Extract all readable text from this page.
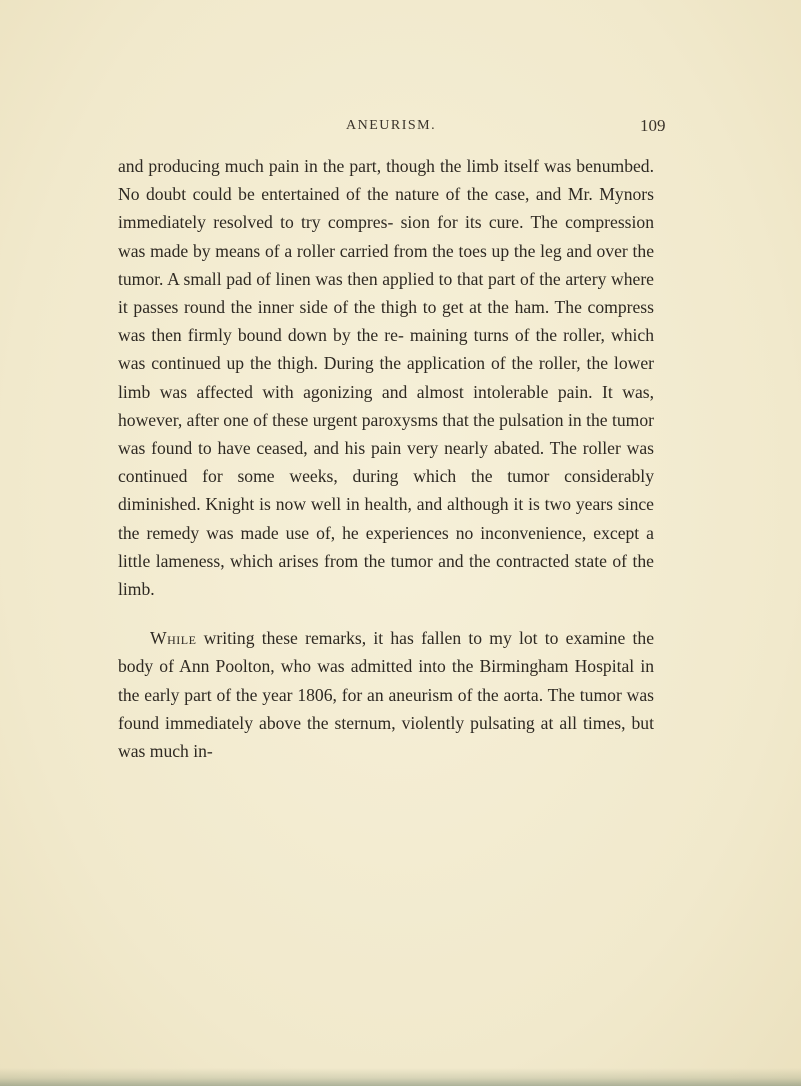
ANEURISM.	109

and producing much pain in the part, though the limb itself was benumbed. No doubt could be entertained of the nature of the case, and Mr. Mynors immediately resolved to try compres- sion for its cure. The compression was made by means of a roller carried from the toes up the leg and over the tumor. A small pad of linen was then applied to that part of the artery where it passes round the inner side of the thigh to get at the ham. The compress was then firmly bound down by the re- maining turns of the roller, which was continued up the thigh. During the application of the roller, the lower limb was affected with agonizing and almost intolerable pain. It was, however, after one of these urgent paroxysms that the pulsation in the tumor was found to have ceased, and his pain very nearly abated. The roller was continued for some weeks, during which the tumor considerably diminished. Knight is now well in health, and although it is two years since the remedy was made use of, he experiences no inconvenience, except a little lameness, which arises from the tumor and the contracted state of the limb.

While writing these remarks, it has fallen to my lot to examine the body of Ann Poolton, who was admitted into the Birmingham Hospital in the early part of the year 1806, for an aneurism of the aorta. The tumor was found immediately above the sternum, violently pulsating at all times, but was much in-
